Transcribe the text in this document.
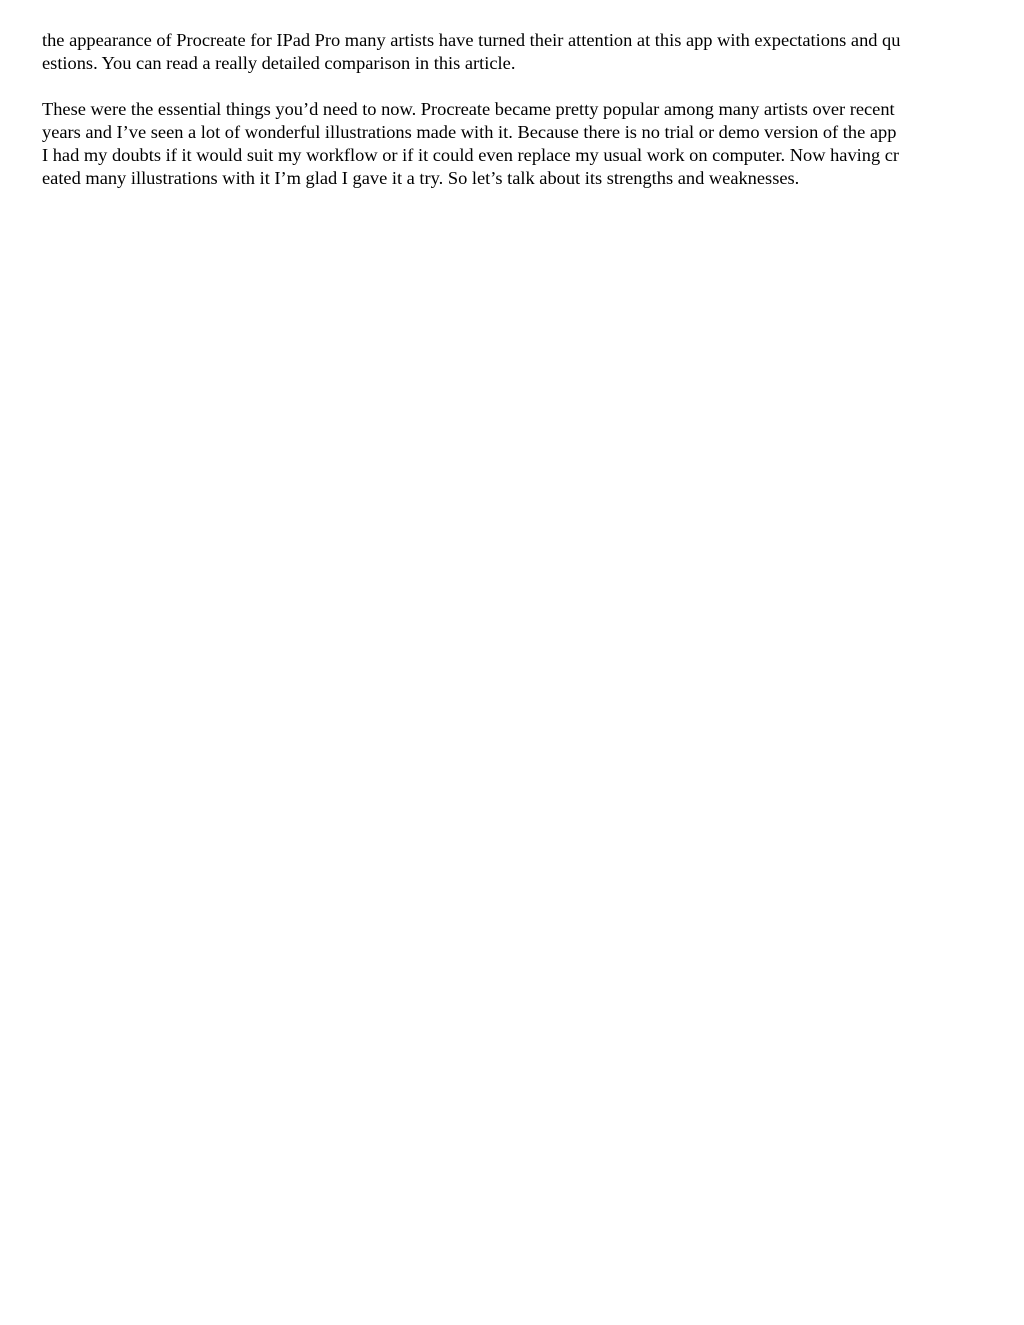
the appearance of Procreate for IPad Pro many artists have turned their attention at this app with expectations and qu

estions. You can read a really detailed comparison in this article.

These were the essential things you’d need to now. Procreate became pretty popular among many artists over recent

years and I’ve seen a lot of wonderful illustrations made with it. Because there is no trial or demo version of the app

I had my doubts if it would suit my workflow or if it could even replace my usual work on computer. Now having cr

eated many illustrations with it I’m glad I gave it a try. So let’s talk about its strengths and weaknesses.
